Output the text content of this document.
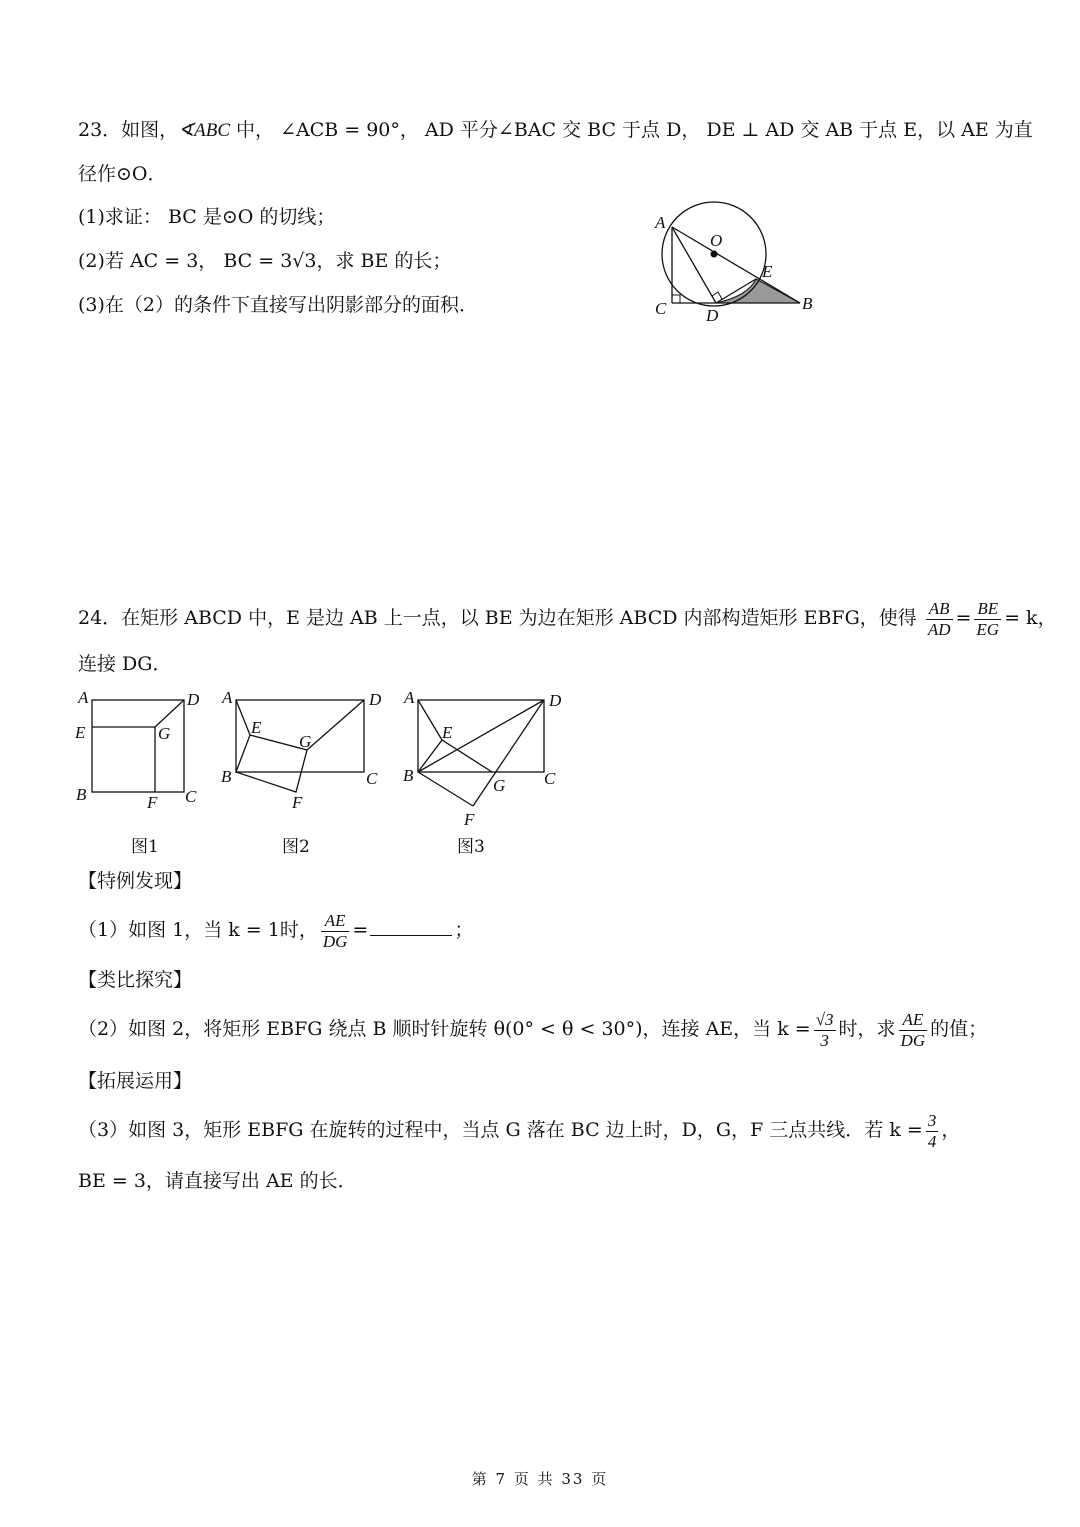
23．如图，∢ABC 中， ∠ACB = 90°， AD 平分∠BAC 交 BC 于点 D， DE ⊥ AD 交 AB 于点 E，以 AE 为直
径作⊙O．
(1)求证： BC 是⊙O 的切线；
(2)若 AC = 3， BC = 3√3，求 BE 的长；
(3)在（2）的条件下直接写出阴影部分的面积．
A
O
E
C D
B
24．在矩形 ABCD 中，E 是边 AB 上一点，以 BE 为边在矩形 ABCD 内部构造矩形 EBFG，使得 $\frac{AB}{AD} = \frac{BE}{EG} = k$，
连接 DG．
A	D
E	G
B	F C
A	D
E
G
B	C
F
A	D
E
B
G C
F
图1	图2	图3
【特例发现】
（1）如图 1，当 k = 1时， $\frac{AE}{DG}$ =	；
【类比探究】
（2）如图 2，将矩形 EBFG 绕点 B 顺时针旋转 θ(0° < θ < 30°)，连接 AE，当 $k = \frac{√3}{3}$ 时，求 $\frac{AE}{DG}$ 的值；
【拓展运用】
（3）如图 3，矩形 EBFG 在旋转的过程中，当点 G 落在 BC 边上时，D，G，F 三点共线．若 $k = \frac{3}{4}$ ，
BE = 3，请直接写出 AE 的长．
第 7 页 共 33 页
